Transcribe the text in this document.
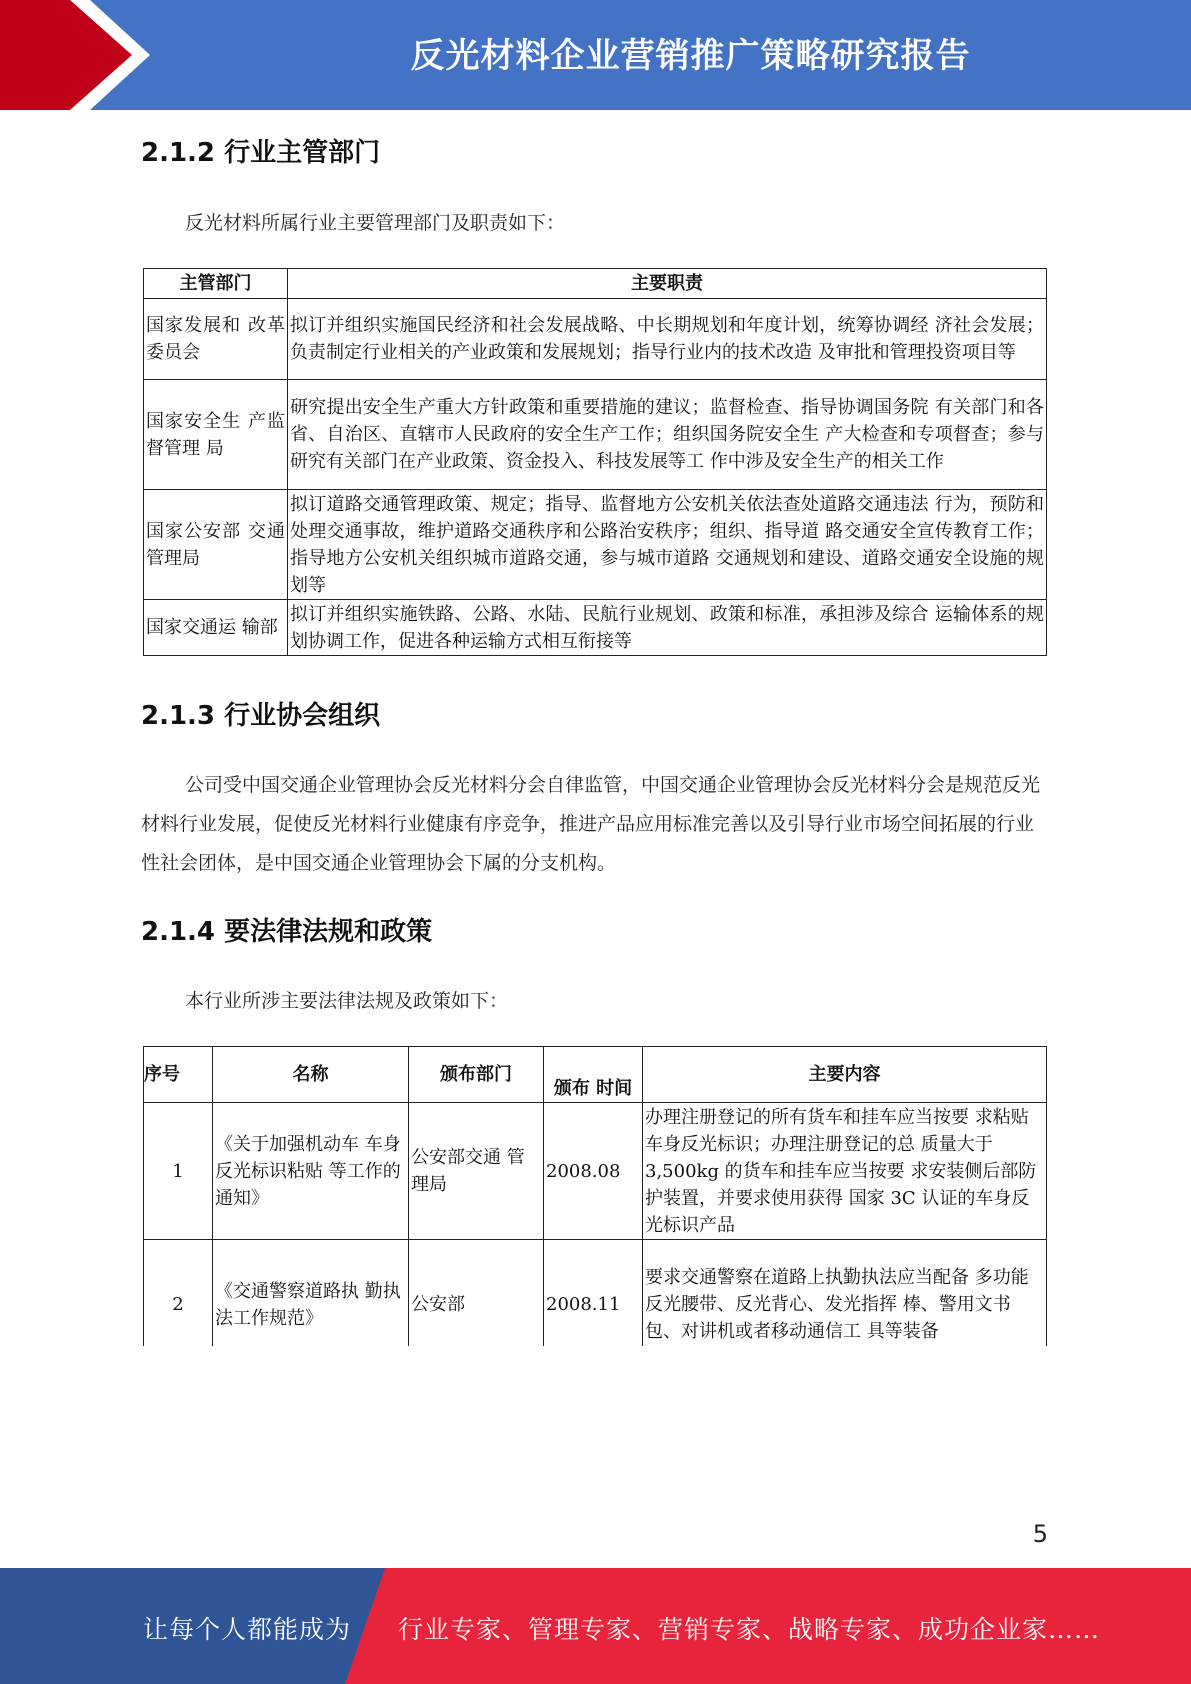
反光材料企业营销推广策略研究报告
2.1.2 行业主管部门
反光材料所属行业主要管理部门及职责如下：
主管部门	主要职责
国家发展和 改革委员会	拟订并组织实施国民经济和社会发展战略、中长期规划和年度计划，统筹协调经 济社会发展；负责制定行业相关的产业政策和发展规划；指导行业内的技术改造 及审批和管理投资项目等
国家安全生 产监督管理 局	研究提出安全生产重大方针政策和重要措施的建议；监督检查、指导协调国务院 有关部门和各省、自治区、直辖市人民政府的安全生产工作；组织国务院安全生 产大检查和专项督查；参与研究有关部门在产业政策、资金投入、科技发展等工 作中涉及安全生产的相关工作
国家公安部 交通管理局	拟订道路交通管理政策、规定；指导、监督地方公安机关依法查处道路交通违法 行为，预防和处理交通事故，维护道路交通秩序和公路治安秩序；组织、指导道 路交通安全宣传教育工作；指导地方公安机关组织城市道路交通，参与城市道路 交通规划和建设、道路交通安全设施的规划等
国家交通运 输部	拟订并组织实施铁路、公路、水陆、民航行业规划、政策和标准，承担涉及综合 运输体系的规划协调工作，促进各种运输方式相互衔接等
2.1.3 行业协会组织
公司受中国交通企业管理协会反光材料分会自律监管，中国交通企业管理协会反光材料分会是规范反光材料行业发展，促使反光材料行业健康有序竞争，推进产品应用标准完善以及引导行业市场空间拓展的行业性社会团体，是中国交通企业管理协会下属的分支机构。
2.1.4 要法律法规和政策
本行业所涉主要法律法规及政策如下：
序号	名称	颁布部门	颁布 时间	主要内容
1	《关于加强机动车 车身反光标识粘贴 等工作的通知》	公安部交通 管理局	2008.08	办理注册登记的所有货车和挂车应当按要 求粘贴车身反光标识；办理注册登记的总 质量大于 3,500kg 的货车和挂车应当按要 求安装侧后部防护装置，并要求使用获得 国家 3C 认证的车身反光标识产品
2	《交通警察道路执 勤执法工作规范》	公安部	2008.11	要求交通警察在道路上执勤执法应当配备 多功能反光腰带、反光背心、发光指挥 棒、警用文书包、对讲机或者移动通信工 具等装备
5
让每个人都能成为 行业专家、管理专家、营销专家、战略专家、成功企业家……
